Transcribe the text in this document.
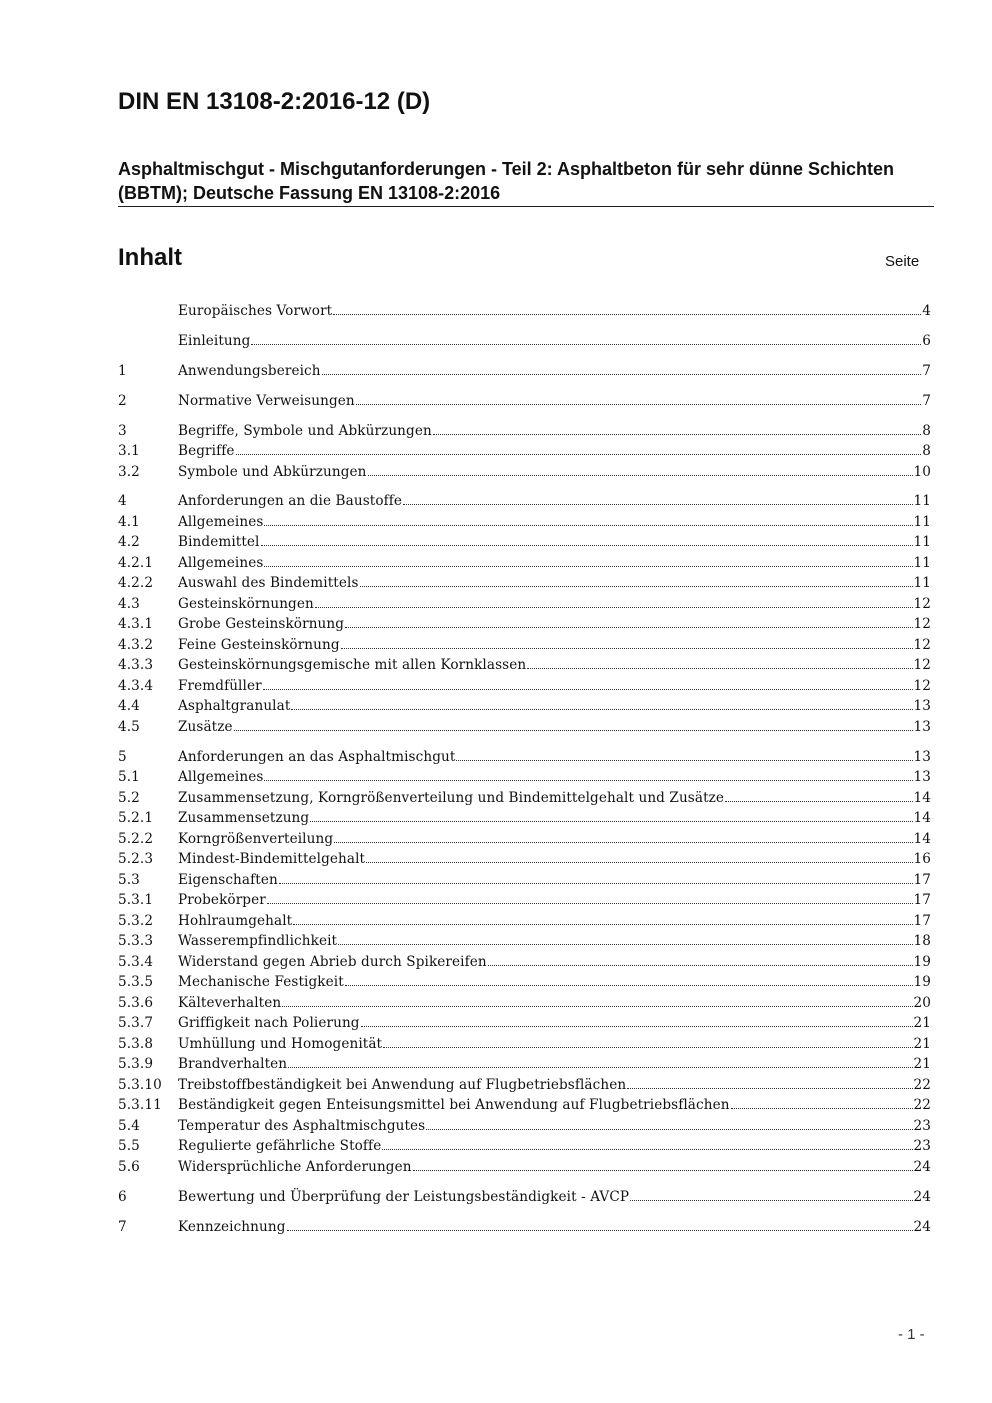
DIN EN 13108-2:2016-12 (D)
Asphaltmischgut - Mischgutanforderungen - Teil 2: Asphaltbeton für sehr dünne Schichten (BBTM); Deutsche Fassung EN 13108-2:2016
Inhalt	Seite
Europäisches Vorwort	4
Einleitung	6
1	Anwendungsbereich	7
2	Normative Verweisungen	7
3	Begriffe, Symbole und Abkürzungen	8
3.1	Begriffe	8
3.2	Symbole und Abkürzungen	10
4	Anforderungen an die Baustoffe	11
4.1	Allgemeines	11
4.2	Bindemittel	11
4.2.1	Allgemeines	11
4.2.2	Auswahl des Bindemittels	11
4.3	Gesteinskörnungen	12
4.3.1	Grobe Gesteinskörnung	12
4.3.2	Feine Gesteinskörnung	12
4.3.3	Gesteinskörnungsgemische mit allen Kornklassen	12
4.3.4	Fremdfüller	12
4.4	Asphaltgranulat	13
4.5	Zusätze	13
5	Anforderungen an das Asphaltmischgut	13
5.1	Allgemeines	13
5.2	Zusammensetzung, Korngrößenverteilung und Bindemittelgehalt und Zusätze	14
5.2.1	Zusammensetzung	14
5.2.2	Korngrößenverteilung	14
5.2.3	Mindest-Bindemittelgehalt	16
5.3	Eigenschaften	17
5.3.1	Probekörper	17
5.3.2	Hohlraumgehalt	17
5.3.3	Wasserempfindlichkeit	18
5.3.4	Widerstand gegen Abrieb durch Spikereifen	19
5.3.5	Mechanische Festigkeit	19
5.3.6	Kälteverhalten	20
5.3.7	Griffigkeit nach Polierung	21
5.3.8	Umhüllung und Homogenität	21
5.3.9	Brandverhalten	21
5.3.10	Treibstoffbeständigkeit bei Anwendung auf Flugbetriebsflächen	22
5.3.11	Beständigkeit gegen Enteisungsmittel bei Anwendung auf Flugbetriebsflächen	22
5.4	Temperatur des Asphaltmischgutes	23
5.5	Regulierte gefährliche Stoffe	23
5.6	Widersprüchliche Anforderungen	24
6	Bewertung und Überprüfung der Leistungsbeständigkeit - AVCP	24
7	Kennzeichnung	24
- 1 -
